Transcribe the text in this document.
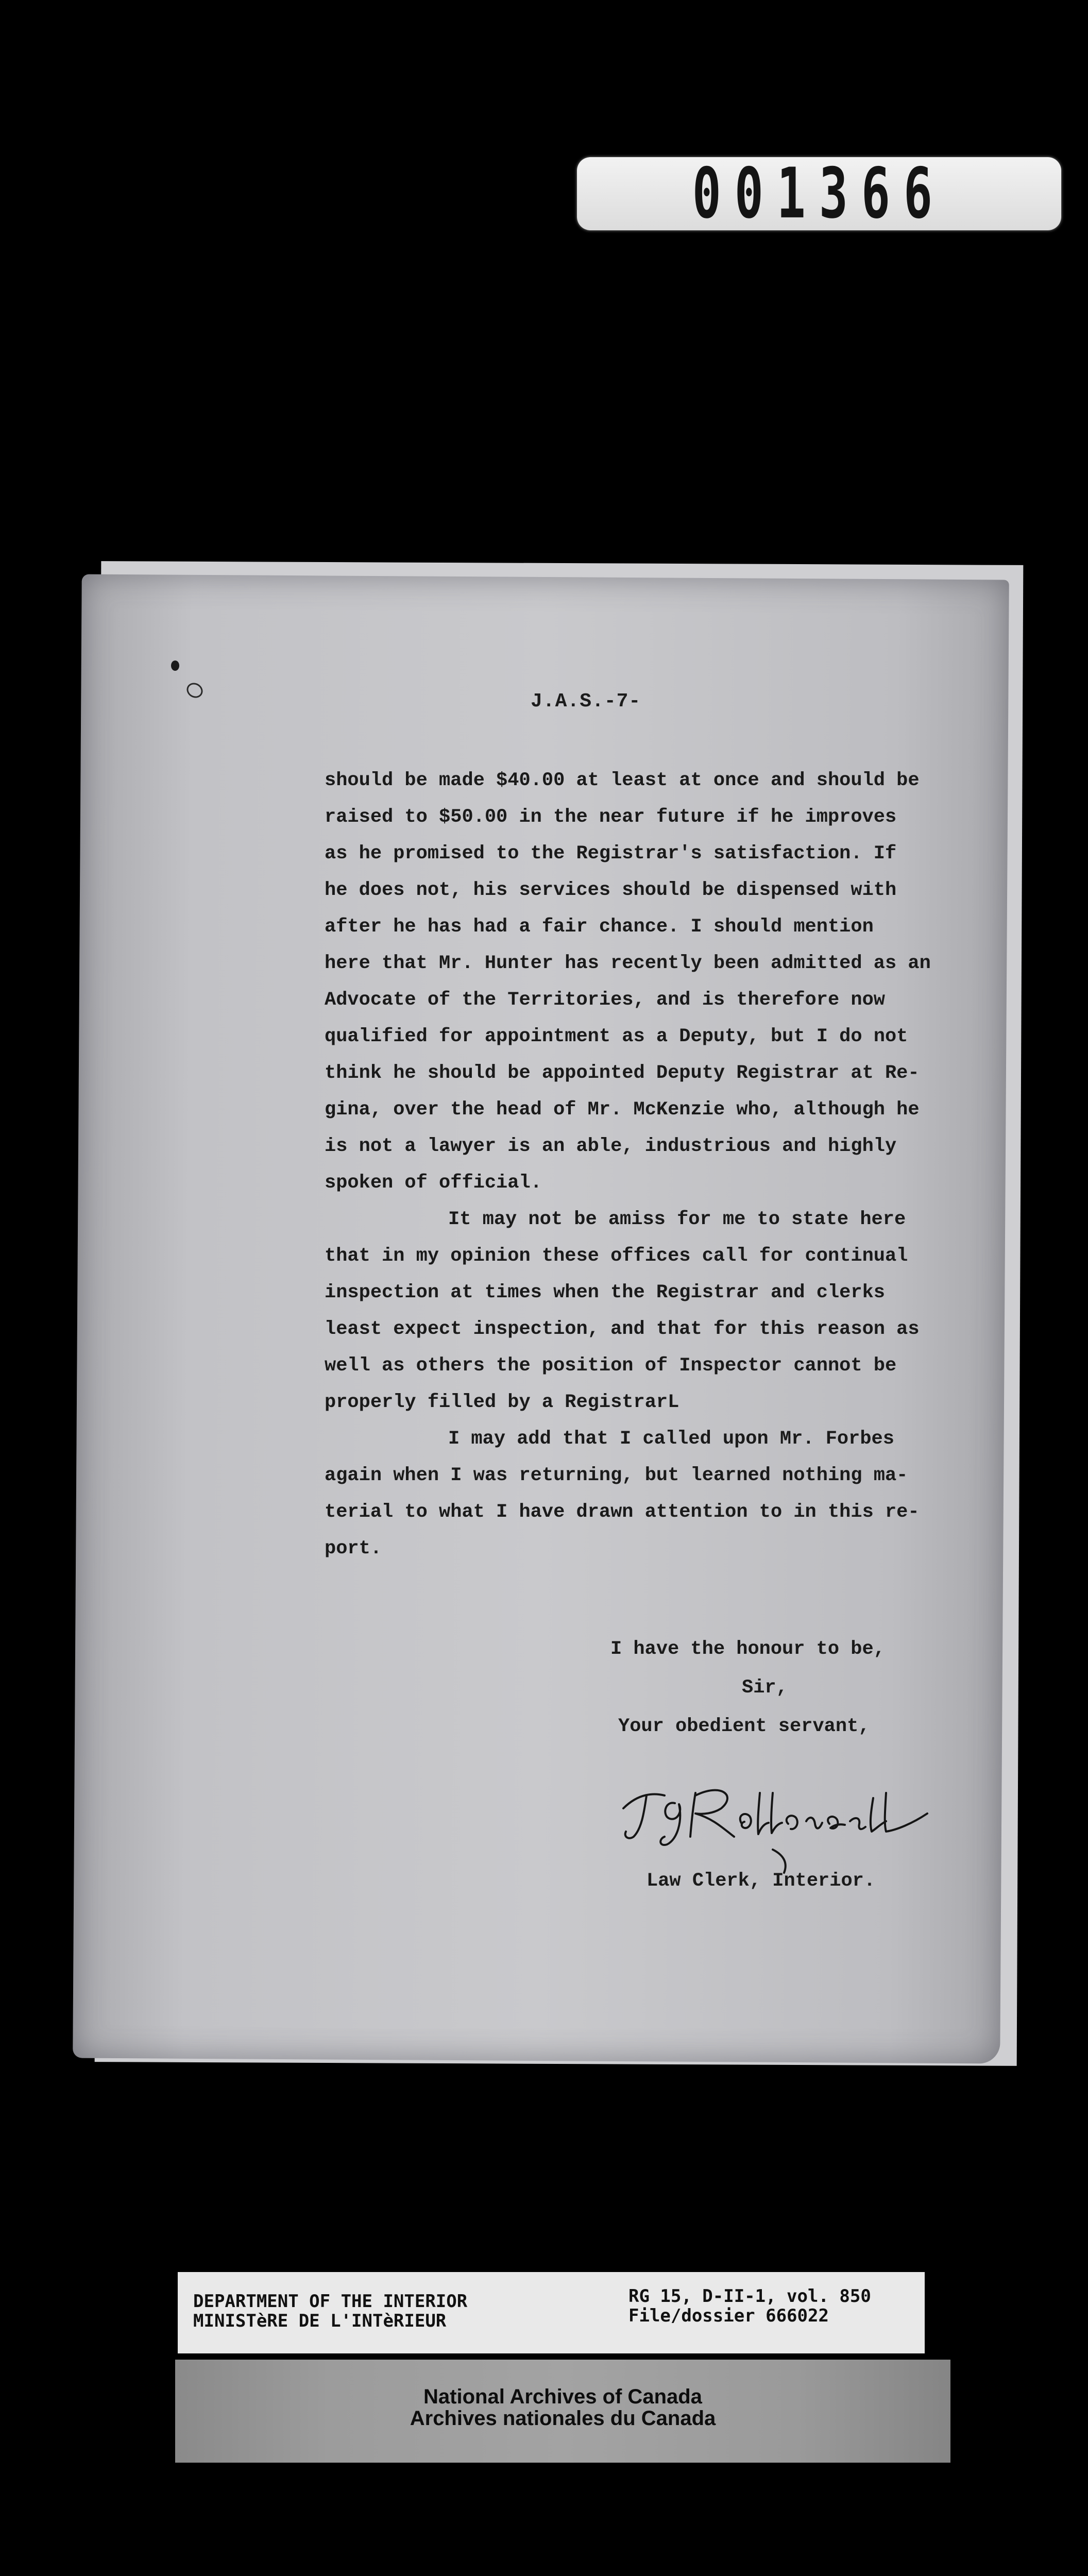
001366
J.A.S.-7-
should be made $40.00 at least at once and should be
raised to $50.00 in the near future if he improves
as he promised to the Registrar's satisfaction. If
he does not, his services should be dispensed with
after he has had a fair chance. I should mention
here that Mr. Hunter has recently been admitted as an
Advocate of the Territories, and is therefore now
qualified for appointment as a Deputy, but I do not
think he should be appointed Deputy Registrar at Re-
gina, over the head of Mr. McKenzie who, although he
is not a lawyer is an able, industrious and highly
spoken of official.
It may not be amiss for me to state here
that in my opinion these offices call for continual
inspection at times when the Registrar and clerks
least expect inspection, and that for this reason as
well as others the position of Inspector cannot be
properly filled by a RegistrarL
I may add that I called upon Mr. Forbes
again when I was returning, but learned nothing ma-
terial to what I have drawn attention to in this re-
port.
I have the honour to be,
Sir,
Your obedient servant,
Law Clerk, Interior.
DEPARTMENT OF THE INTERIOR
MINISTèRE DE L'INTèRIEUR
RG 15, D-II-1, vol. 850
File/dossier 666022
National Archives of Canada
Archives nationales du Canada
